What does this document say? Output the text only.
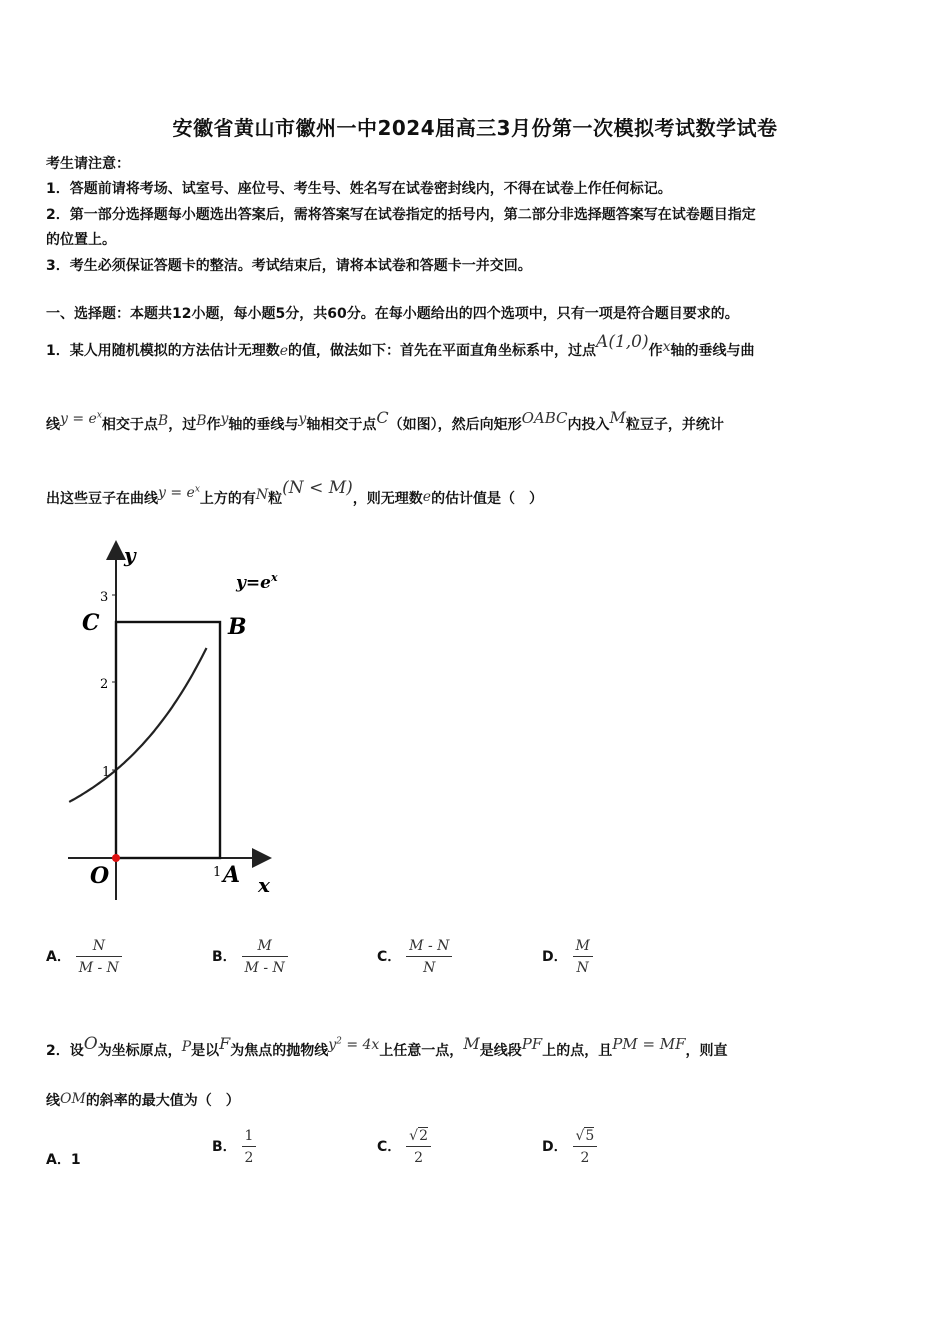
安徽省黄山市徽州一中2024届高三3月份第一次模拟考试数学试卷
考生请注意：
1．答题前请将考场、试室号、座位号、考生号、姓名写在试卷密封线内，不得在试卷上作任何标记。
2．第一部分选择题每小题选出答案后，需将答案写在试卷指定的括号内，第二部分非选择题答案写在试卷题目指定
的位置上。
3．考生必须保证答题卡的整洁。考试结束后，请将本试卷和答题卡一并交回。
一、选择题：本题共12小题，每小题5分，共60分。在每小题给出的四个选项中，只有一项是符合题目要求的。
1．某人用随机模拟的方法估计无理数e的值，做法如下：首先在平面直角坐标系中，过点A(1,0)作x轴的垂线与曲
线$y = e^x$相交于点B，过B作y轴的垂线与y轴相交于点C（如图），然后向矩形OABC内投入M粒豆子，并统计
出这些豆子在曲线$y = e^x$上方的有N粒(N < M)，则无理数e的估计值是（　）
y
x
$y=e^x$
C	B
O	A
3
2
1
1
A． $\frac{N}{M - N}$	B． $\frac{M}{M - N}$	C． $\frac{M - N}{N}$	D． $\frac{M}{N}$
2．设O为坐标原点，P是以F为焦点的抛物线$y^2 = 4x$上任意一点，M是线段PF上的点，且PM = MF，则直
线OM的斜率的最大值为（　）
A．1
B． $\frac{1}{2}$	C． $\frac{√2}{2}$	D． $\frac{√5}{2}$
